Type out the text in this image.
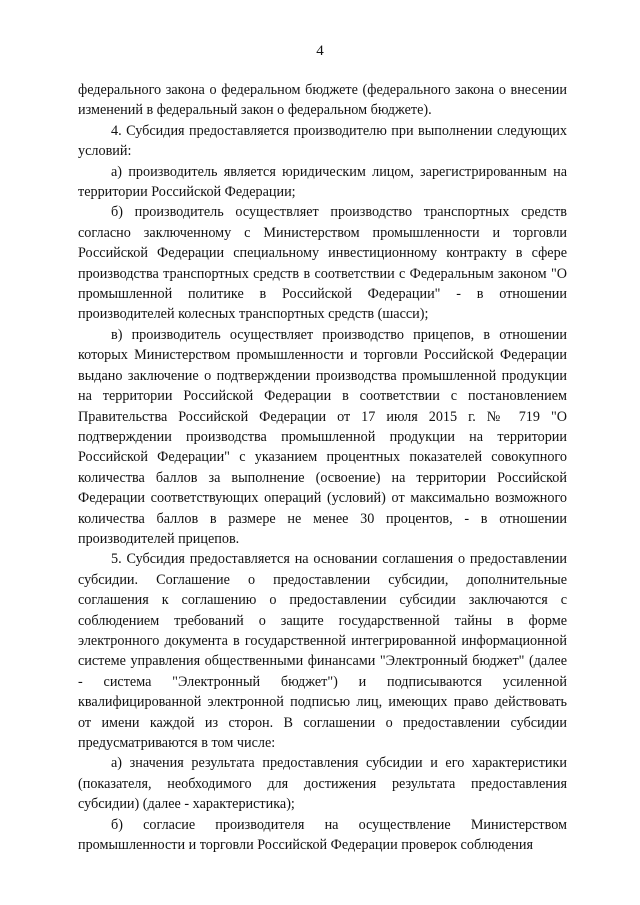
4

федерального закона о федеральном бюджете (федерального закона о внесении изменений в федеральный закон о федеральном бюджете).

4. Субсидия предоставляется производителю при выполнении следующих условий:

а) производитель является юридическим лицом, зарегистрированным на территории Российской Федерации;

б) производитель осуществляет производство транспортных средств согласно заключенному с Министерством промышленности и торговли Российской Федерации специальному инвестиционному контракту в сфере производства транспортных средств в соответствии с Федеральным законом "О промышленной политике в Российской Федерации" - в отношении производителей колесных транспортных средств (шасси);

в) производитель осуществляет производство прицепов, в отношении которых Министерством промышленности и торговли Российской Федерации выдано заключение о подтверждении производства промышленной продукции на территории Российской Федерации в соответствии с постановлением Правительства Российской Федерации от 17 июля 2015 г. № 719 "О подтверждении производства промышленной продукции на территории Российской Федерации" с указанием процентных показателей совокупного количества баллов за выполнение (освоение) на территории Российской Федерации соответствующих операций (условий) от максимально возможного количества баллов в размере не менее 30 процентов, - в отношении производителей прицепов.

5. Субсидия предоставляется на основании соглашения о предоставлении субсидии. Соглашение о предоставлении субсидии, дополнительные соглашения к соглашению о предоставлении субсидии заключаются с соблюдением требований о защите государственной тайны в форме электронного документа в государственной интегрированной информационной системе управления общественными финансами "Электронный бюджет" (далее - система "Электронный бюджет") и подписываются усиленной квалифицированной электронной подписью лиц, имеющих право действовать от имени каждой из сторон. В соглашении о предоставлении субсидии предусматриваются в том числе:

а) значения результата предоставления субсидии и его характеристики (показателя, необходимого для достижения результата предоставления субсидии) (далее - характеристика);

б) согласие производителя на осуществление Министерством промышленности и торговли Российской Федерации проверок соблюдения
